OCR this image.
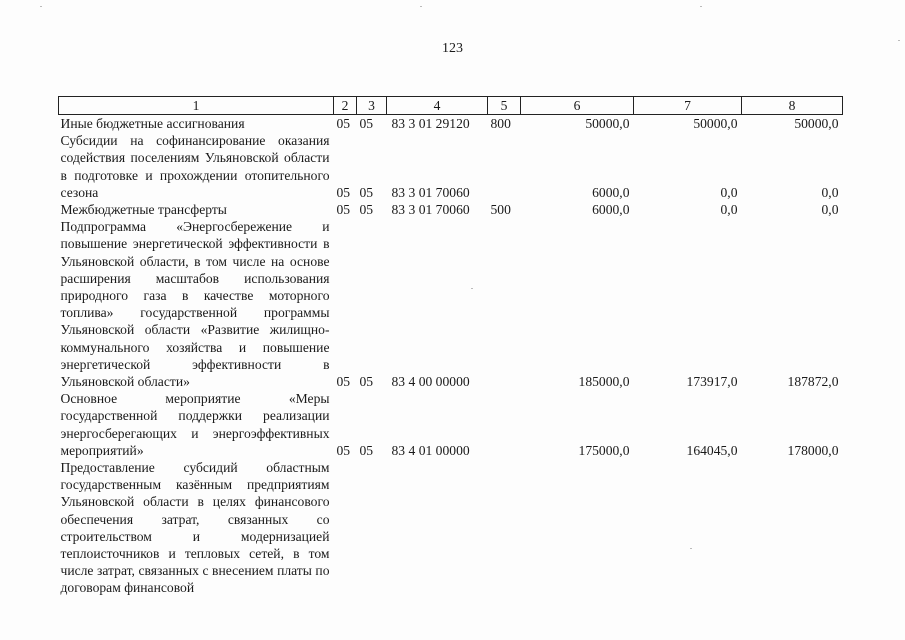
123
1	2	3	4	5	6	7	8
Иные бюджетные ассигнования	05	05	83 3 01 29120	800	50000,0	50000,0	50000,0
Субсидии на софинансирование оказания содействия поселениям Ульяновской области в подготовке и прохождении отопительного сезона	05	05	83 3 01 70060		6000,0	0,0	0,0
Межбюджетные трансферты	05	05	83 3 01 70060	500	6000,0	0,0	0,0
Подпрограмма «Энергосбережение и повышение энергетической эффективности в Ульяновской области, в том числе на основе расширения масштабов использования природного газа в качестве моторного топлива» государственной программы Ульяновской области «Развитие жилищно-коммунального хозяйства и повышение энергетической эффективности в Ульяновской области»	05	05	83 4 00 00000		185000,0	173917,0	187872,0
Основное мероприятие «Меры государственной поддержки реализации энергосберегающих и энергоэффективных мероприятий»	05	05	83 4 01 00000		175000,0	164045,0	178000,0
Предоставление субсидий областным государственным казённым предприятиям Ульяновской области в целях финансового обеспечения затрат, связанных со строительством и модернизацией теплоисточников и тепловых сетей, в том числе затрат, связанных с внесением платы по договорам финансовой							
